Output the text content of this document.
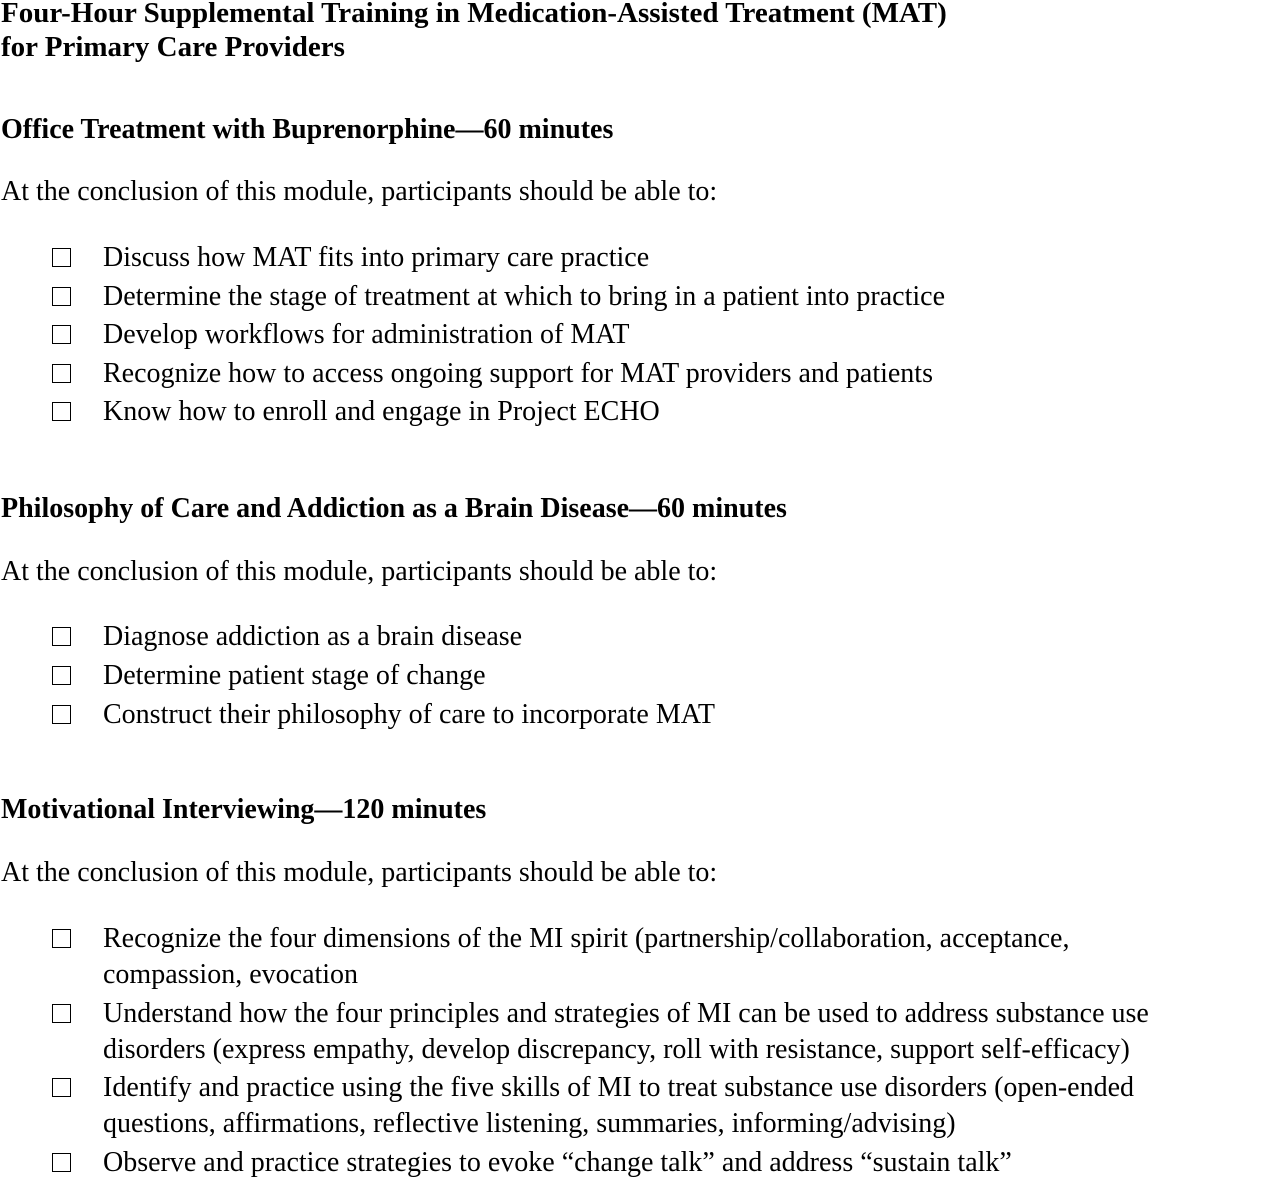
Four-Hour Supplemental Training in Medication-Assisted Treatment (MAT)
for Primary Care Providers
Office Treatment with Buprenorphine—60 minutes

At the conclusion of this module, participants should be able to:

Discuss how MAT fits into primary care practice
Determine the stage of treatment at which to bring in a patient into practice
Develop workflows for administration of MAT
Recognize how to access ongoing support for MAT providers and patients
Know how to enroll and engage in Project ECHO
Philosophy of Care and Addiction as a Brain Disease—60 minutes

At the conclusion of this module, participants should be able to:

Diagnose addiction as a brain disease
Determine patient stage of change
Construct their philosophy of care to incorporate MAT
Motivational Interviewing—120 minutes

At the conclusion of this module, participants should be able to:

Recognize the four dimensions of the MI spirit (partnership/collaboration, acceptance,
compassion, evocation
Understand how the four principles and strategies of MI can be used to address substance use
disorders (express empathy, develop discrepancy, roll with resistance, support self-efficacy)
Identify and practice using the five skills of MI to treat substance use disorders (open-ended
questions, affirmations, reflective listening, summaries, informing/advising)
Observe and practice strategies to evoke “change talk” and address “sustain talk”
